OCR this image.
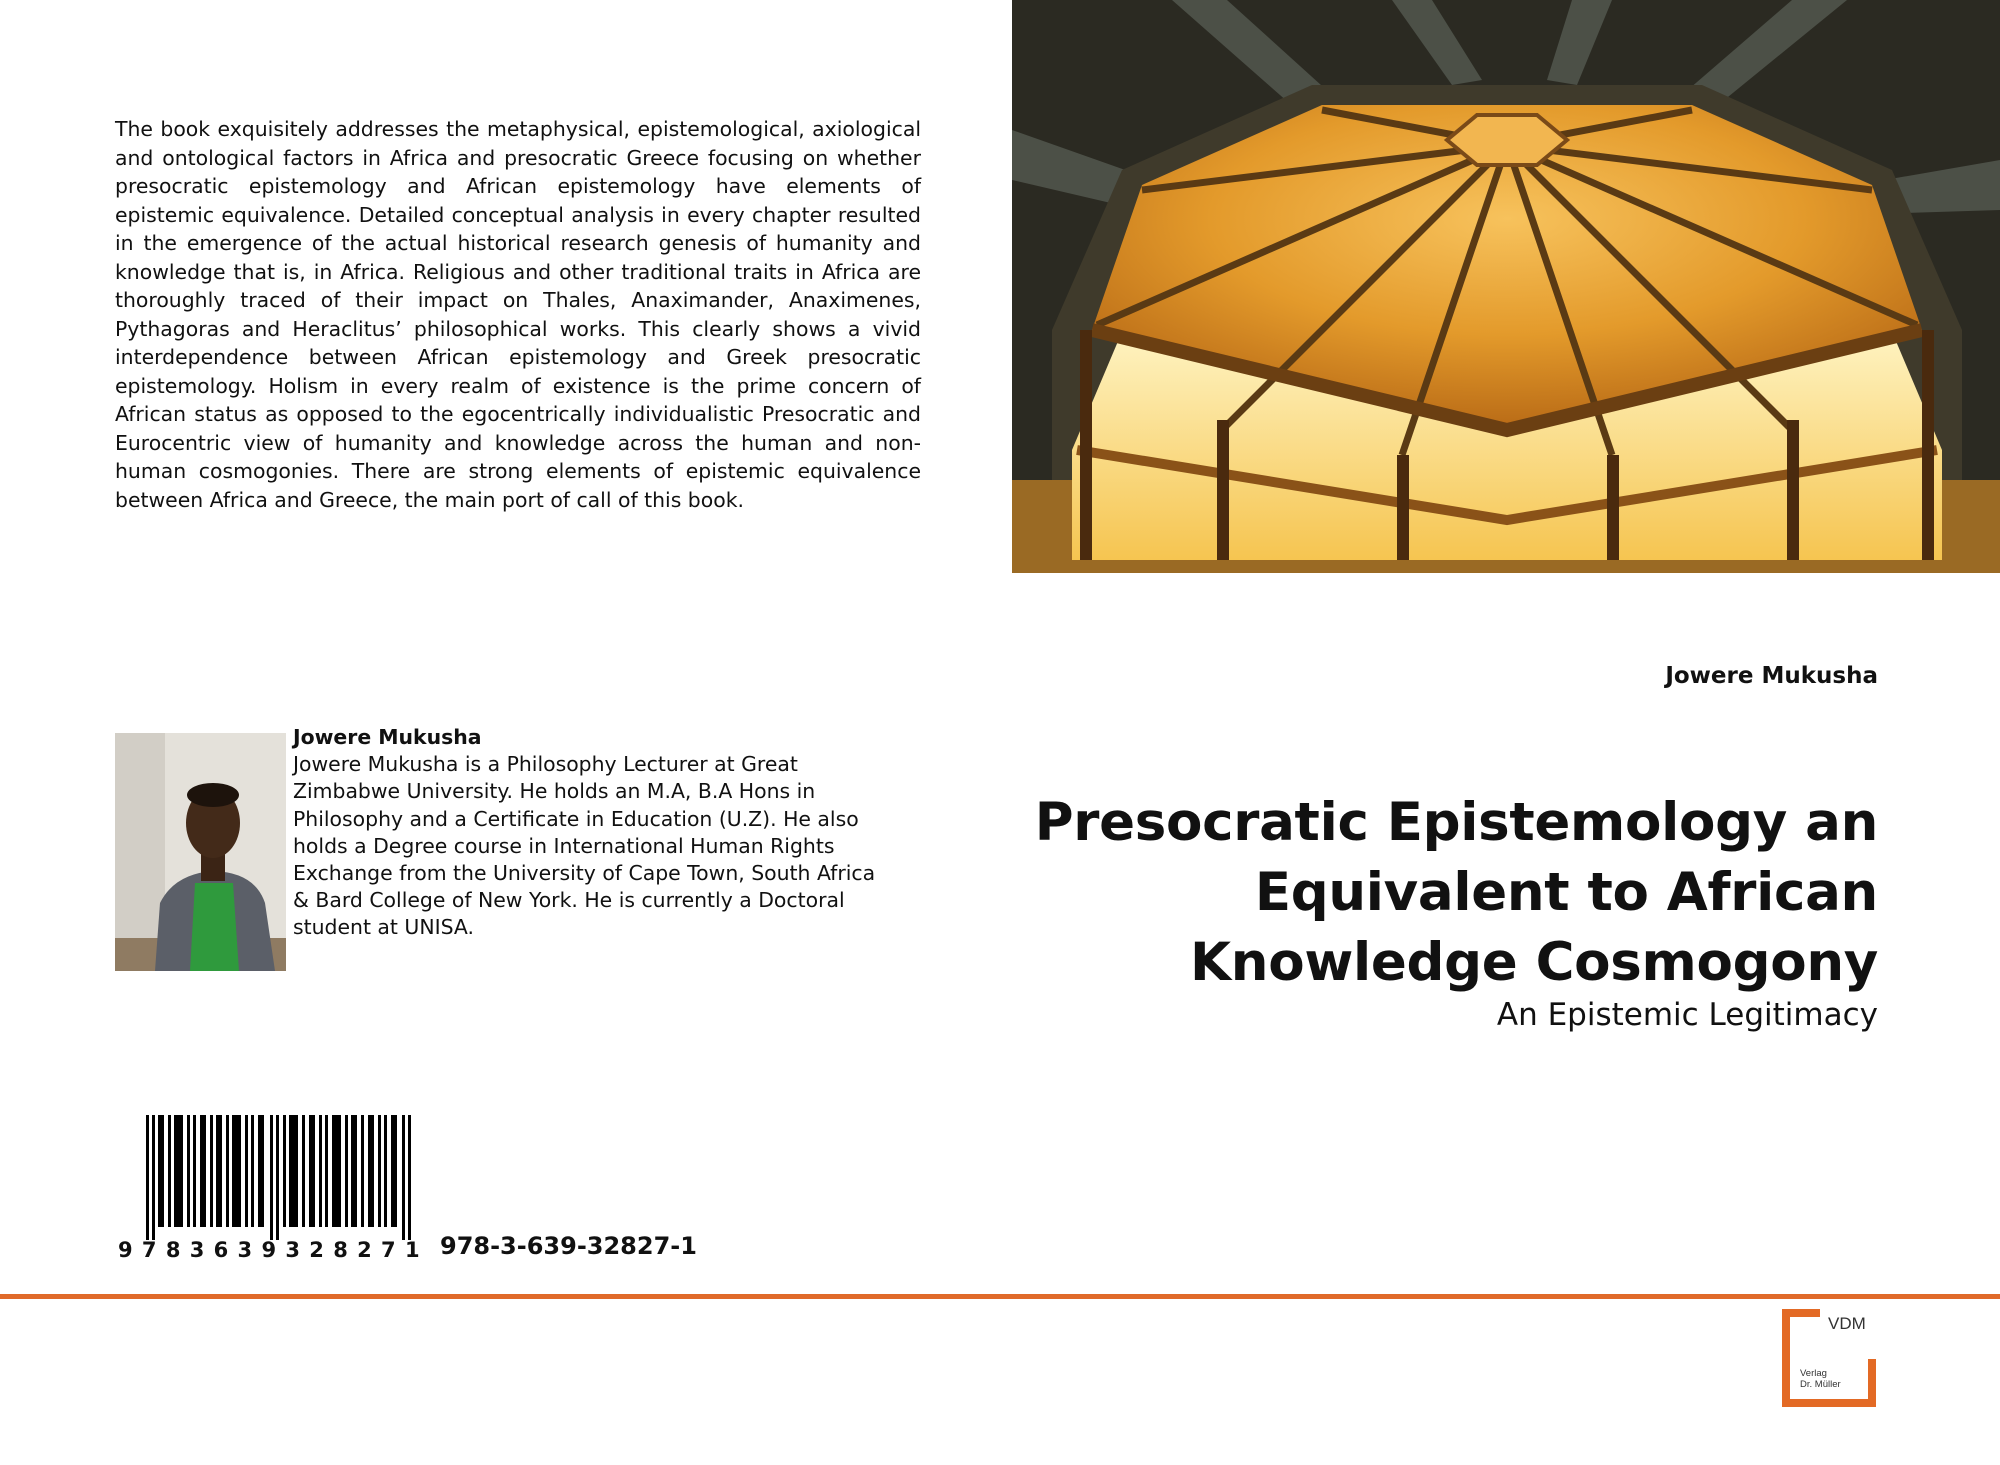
The book exquisitely addresses the metaphysical, epistemological, axiological and ontological factors in Africa and presocratic Greece focusing on whether presocratic epistemology and African epistemology have elements of epistemic equivalence. Detailed conceptual analysis in every chapter resulted in the emergence of the actual historical research genesis of humanity and knowledge that is, in Africa. Religious and other traditional traits in Africa are thoroughly traced of their impact on Thales, Anaximander, Anaximenes, Pythagoras and Heraclitus’ philosophical works. This clearly shows a vivid interdependence between African epistemology and Greek presocratic epistemology. Holism in every realm of existence is the prime concern of African status as opposed to the egocentrically individualistic Presocratic and Eurocentric view of humanity and knowledge across the human and non- human cosmogonies. There are strong elements of epistemic equivalence between Africa and Greece, the main port of call of this book.

Jowere Mukusha

Presocratic Epistemology an Equivalent to African Knowledge Cosmogony

An Epistemic Legitimacy

Jowere Mukusha
Jowere Mukusha is a Philosophy Lecturer at Great Zimbabwe University. He holds an M.A, B.A Hons in Philosophy and a Certificate in Education (U.Z). He also holds a Degree course in International Human Rights Exchange from the University of Cape Town, South Africa & Bard College of New York. He is currently a Doctoral student at UNISA.

9783639328271 978-3-639-32827-1

VDM

Verlag

Dr. Müller
